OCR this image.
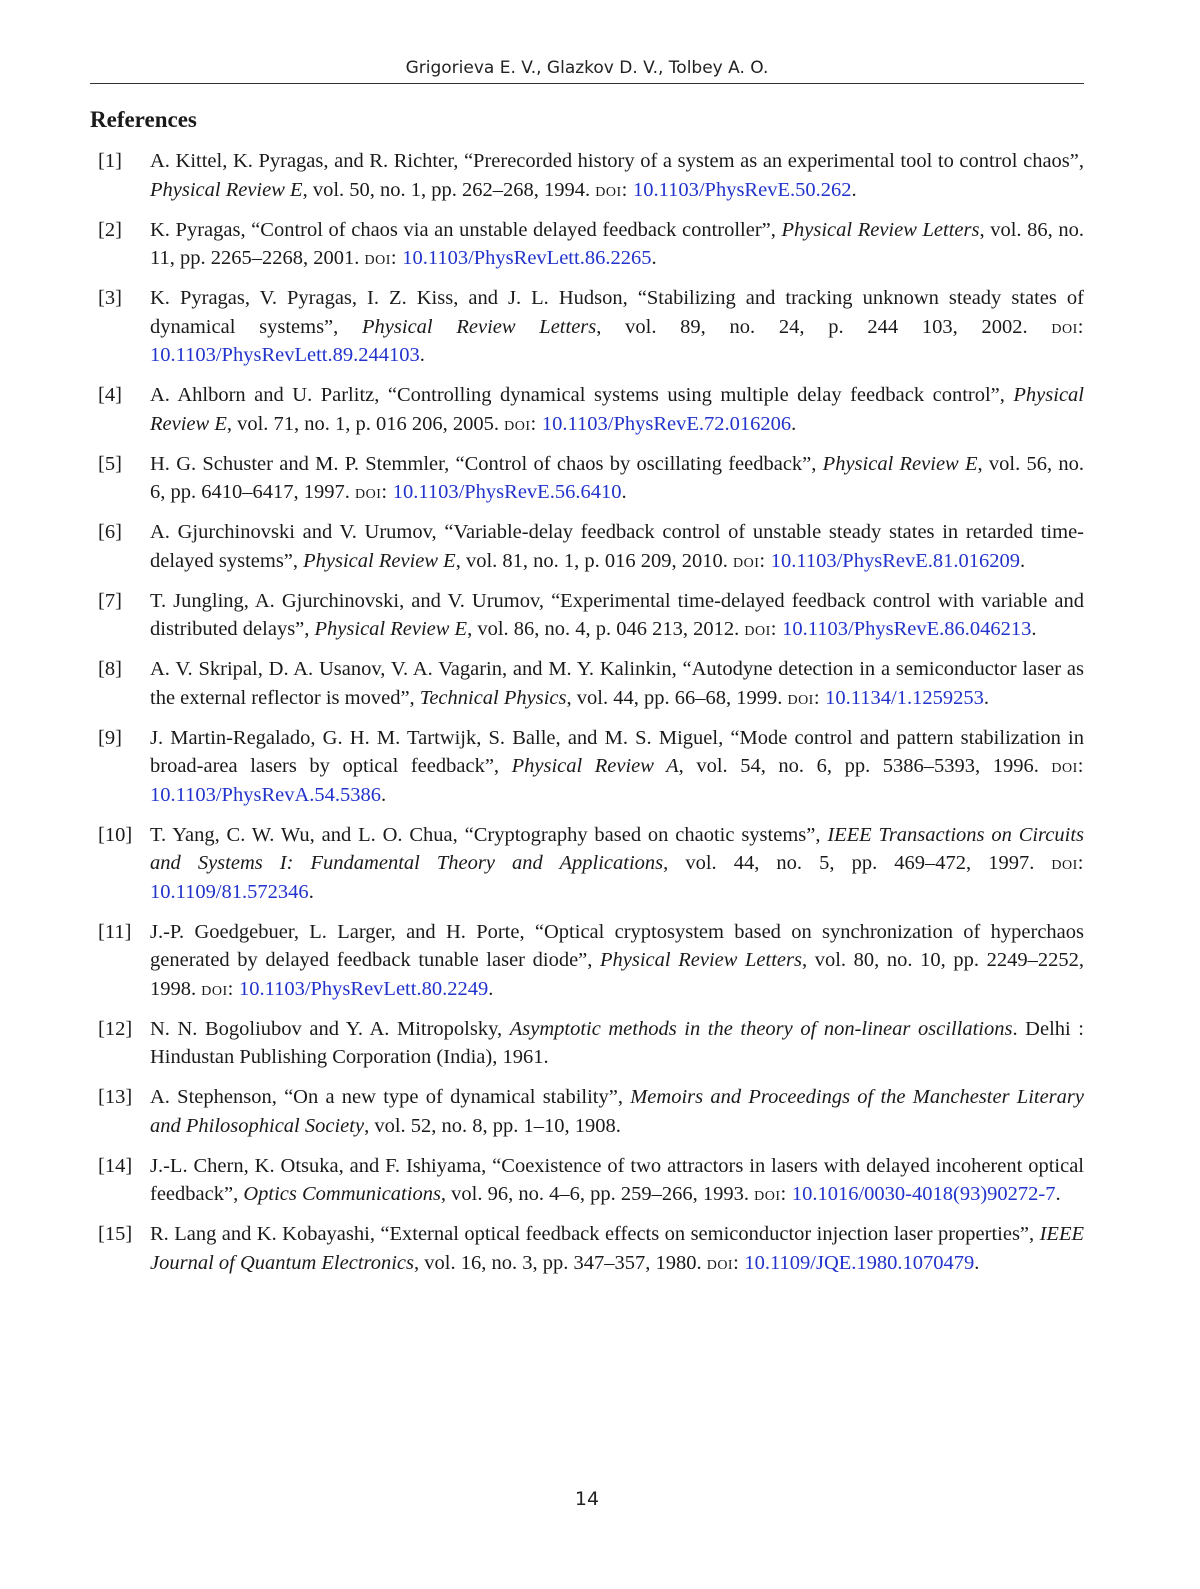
Grigorieva E. V., Glazkov D. V., Tolbey A. O.
References
[1] A. Kittel, K. Pyragas, and R. Richter, “Prerecorded history of a system as an experimental tool to control chaos”, Physical Review E, vol. 50, no. 1, pp. 262–268, 1994. doi: 10.1103/PhysRevE.50.262.
[2] K. Pyragas, “Control of chaos via an unstable delayed feedback controller”, Physical Review Letters, vol. 86, no. 11, pp. 2265–2268, 2001. doi: 10.1103/PhysRevLett.86.2265.
[3] K. Pyragas, V. Pyragas, I. Z. Kiss, and J. L. Hudson, “Stabilizing and tracking unknown steady states of dynamical systems”, Physical Review Letters, vol. 89, no. 24, p. 244 103, 2002. doi: 10.1103/PhysRevLett.89.244103.
[4] A. Ahlborn and U. Parlitz, “Controlling dynamical systems using multiple delay feedback control”, Physical Review E, vol. 71, no. 1, p. 016 206, 2005. doi: 10.1103/PhysRevE.72.016206.
[5] H. G. Schuster and M. P. Stemmler, “Control of chaos by oscillating feedback”, Physical Review E, vol. 56, no. 6, pp. 6410–6417, 1997. doi: 10.1103/PhysRevE.56.6410.
[6] A. Gjurchinovski and V. Urumov, “Variable-delay feedback control of unstable steady states in retarded time-delayed systems”, Physical Review E, vol. 81, no. 1, p. 016 209, 2010. doi: 10.1103/PhysRevE.81.016209.
[7] T. Jungling, A. Gjurchinovski, and V. Urumov, “Experimental time-delayed feedback control with variable and distributed delays”, Physical Review E, vol. 86, no. 4, p. 046 213, 2012. doi: 10.1103/PhysRevE.86.046213.
[8] A. V. Skripal, D. A. Usanov, V. A. Vagarin, and M. Y. Kalinkin, “Autodyne detection in a semiconductor laser as the external reflector is moved”, Technical Physics, vol. 44, pp. 66–68, 1999. doi: 10.1134/1.1259253.
[9] J. Martin-Regalado, G. H. M. Tartwijk, S. Balle, and M. S. Miguel, “Mode control and pattern stabilization in broad-area lasers by optical feedback”, Physical Review A, vol. 54, no. 6, pp. 5386–5393, 1996. doi: 10.1103/PhysRevA.54.5386.
[10] T. Yang, C. W. Wu, and L. O. Chua, “Cryptography based on chaotic systems”, IEEE Transactions on Circuits and Systems I: Fundamental Theory and Applications, vol. 44, no. 5, pp. 469–472, 1997. doi: 10.1109/81.572346.
[11] J.-P. Goedgebuer, L. Larger, and H. Porte, “Optical cryptosystem based on synchronization of hyperchaos generated by delayed feedback tunable laser diode”, Physical Review Letters, vol. 80, no. 10, pp. 2249–2252, 1998. doi: 10.1103/PhysRevLett.80.2249.
[12] N. N. Bogoliubov and Y. A. Mitropolsky, Asymptotic methods in the theory of non-linear oscillations. Delhi : Hindustan Publishing Corporation (India), 1961.
[13] A. Stephenson, “On a new type of dynamical stability”, Memoirs and Proceedings of the Manchester Literary and Philosophical Society, vol. 52, no. 8, pp. 1–10, 1908.
[14] J.-L. Chern, K. Otsuka, and F. Ishiyama, “Coexistence of two attractors in lasers with delayed incoherent optical feedback”, Optics Communications, vol. 96, no. 4–6, pp. 259–266, 1993. doi: 10.1016/0030-4018(93)90272-7.
[15] R. Lang and K. Kobayashi, “External optical feedback effects on semiconductor injection laser properties”, IEEE Journal of Quantum Electronics, vol. 16, no. 3, pp. 347–357, 1980. doi: 10.1109/JQE.1980.1070479.
14
